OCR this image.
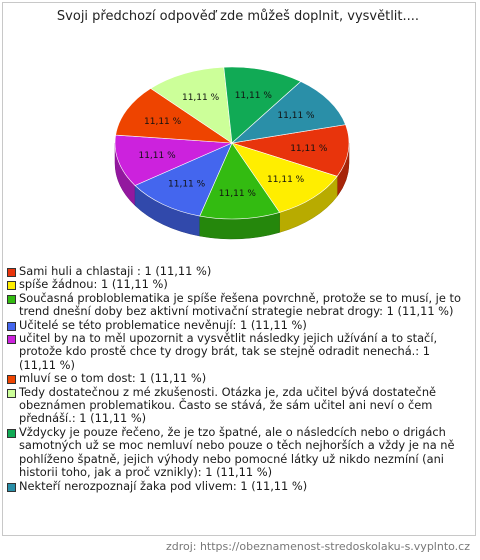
Svoji předchozí odpověď zde můžeš doplnit, vysvětlit....
11,11 %
11,11 %
11,11 %
11,11 %
11,11 %
11,11 %
11,11 % 11,11 %
11,11 %
Sami huli a chlastaji : 1 (11,11 %)
spíše žádnou: 1 (11,11 %)
Současná probloblematika je spíše řešena povrchně, protože se to musí, je to trend dnešní doby bez aktivní motivační strategie nebrat drogy: 1 (11,11 %)
Učitelé se této problematice nevěnují: 1 (11,11 %)
učitel by na to měl upozornit a vysvětlit následky jejich užívání a to stačí, protože kdo prostě chce ty drogy brát, tak se stejně odradit nenechá.: 1 (11,11 %)
mluví se o tom dost: 1 (11,11 %)
Tedy dostatečnou z mé zkušenosti. Otázka je, zda učitel bývá dostatečně obeznámen problematikou. Často se stává, že sám učitel ani neví o čem přednáší.: 1 (11,11 %)
Vždycky je pouze řečeno, že je tzo špatné, ale o následcích nebo o drigách samotných už se moc nemluví nebo pouze o těch nejhorších a vždy je na ně pohlíženo špatně, jejich výhody nebo pomocné látky už nikdo nezmíní (ani historii toho, jak a proč vznikly): 1 (11,11 %)
Nekteří nerozpoznají žaka pod vlivem: 1 (11,11 %)
zdroj: https://obeznamenost-stredoskolaku-s.vyplnto.cz
